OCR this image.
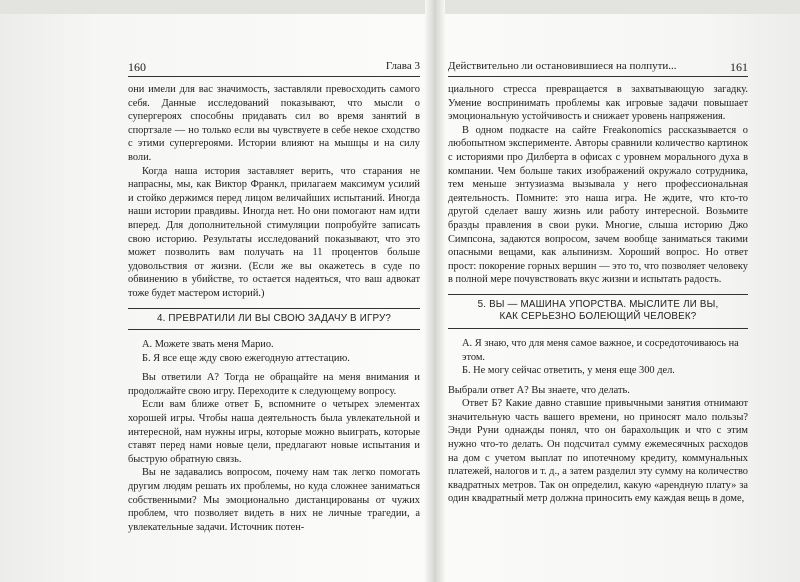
160	Глава 3

они имели для вас значимость, заставляли превосходить самого себя. Данные исследований показывают, что мысли о супергероях способны придавать сил во время занятий в спортзале — но только если вы чувствуете в себе некое сходство с этими супергероями. Истории влияют на мышцы и на силу воли.

Когда наша история заставляет верить, что старания не напрасны, мы, как Виктор Франкл, прилагаем максимум усилий и стойко держимся перед лицом величайших испытаний. Иногда наши истории правдивы. Иногда нет. Но они помогают нам идти вперед. Для дополнительной стимуляции попробуйте записать свою историю. Результаты исследований показывают, что это может позволить вам получать на 11 процентов больше удовольствия от жизни. (Если же вы окажетесь в суде по обвинению в убийстве, то остается надеяться, что ваш адвокат тоже будет мастером историй.)

4. ПРЕВРАТИЛИ ЛИ ВЫ СВОЮ ЗАДАЧУ В ИГРУ?

А. Можете звать меня Марио.

Б. Я все еще жду свою ежегодную аттестацию.

Вы ответили А? Тогда не обращайте на меня внимания и продолжайте свою игру. Переходите к следующему вопросу.

Если вам ближе ответ Б, вспомните о четырех элементах хорошей игры. Чтобы наша деятельность была увлекательной и интересной, нам нужны игры, которые можно выиграть, которые ставят перед нами новые цели, предлагают новые испытания и быструю обратную связь.

Вы не задавались вопросом, почему нам так легко помогать другим людям решать их проблемы, но куда сложнее заниматься собственными? Мы эмоционально дистанцированы от чужих проблем, что позволяет видеть в них не личные трагедии, а увлекательные задачи. Источник потен-

Действительно ли остановившиеся на полпути...	161

циального стресса превращается в захватывающую загадку. Умение воспринимать проблемы как игровые задачи повышает эмоциональную устойчивость и снижает уровень напряжения.

В одном подкасте на сайте Freakonomics рассказывается о любопытном эксперименте. Авторы сравнили количество картинок с историями про Дилберта в офисах с уровнем морального духа в компании. Чем больше таких изображений окружало сотрудника, тем меньше энтузиазма вызывала у него профессиональная деятельность. Помните: это наша игра. Не ждите, что кто-то другой сделает вашу жизнь или работу интересной. Возьмите бразды правления в свои руки. Многие, слыша историю Джо Симпсона, задаются вопросом, зачем вообще заниматься такими опасными вещами, как альпинизм. Хороший вопрос. Но ответ прост: покорение горных вершин — это то, что позволяет человеку в полной мере почувствовать вкус жизни и испытать радость.

5. ВЫ — МАШИНА УПОРСТВА. МЫСЛИТЕ ЛИ ВЫ,
КАК СЕРЬЕЗНО БОЛЕЮЩИЙ ЧЕЛОВЕК?

А. Я знаю, что для меня самое важное, и сосредоточиваюсь на этом.

Б. Не могу сейчас ответить, у меня еще 300 дел.

Выбрали ответ А? Вы знаете, что делать.

Ответ Б? Какие давно ставшие привычными занятия отнимают значительную часть вашего времени, но приносят мало пользы? Энди Руни однажды понял, что он барахольщик и что с этим нужно что-то делать. Он подсчитал сумму ежемесячных расходов на дом с учетом выплат по ипотечному кредиту, коммунальных платежей, налогов и т. д., а затем разделил эту сумму на количество квадратных метров. Так он определил, какую «арендную плату» за один квадратный метр должна приносить ему каждая вещь в доме,
